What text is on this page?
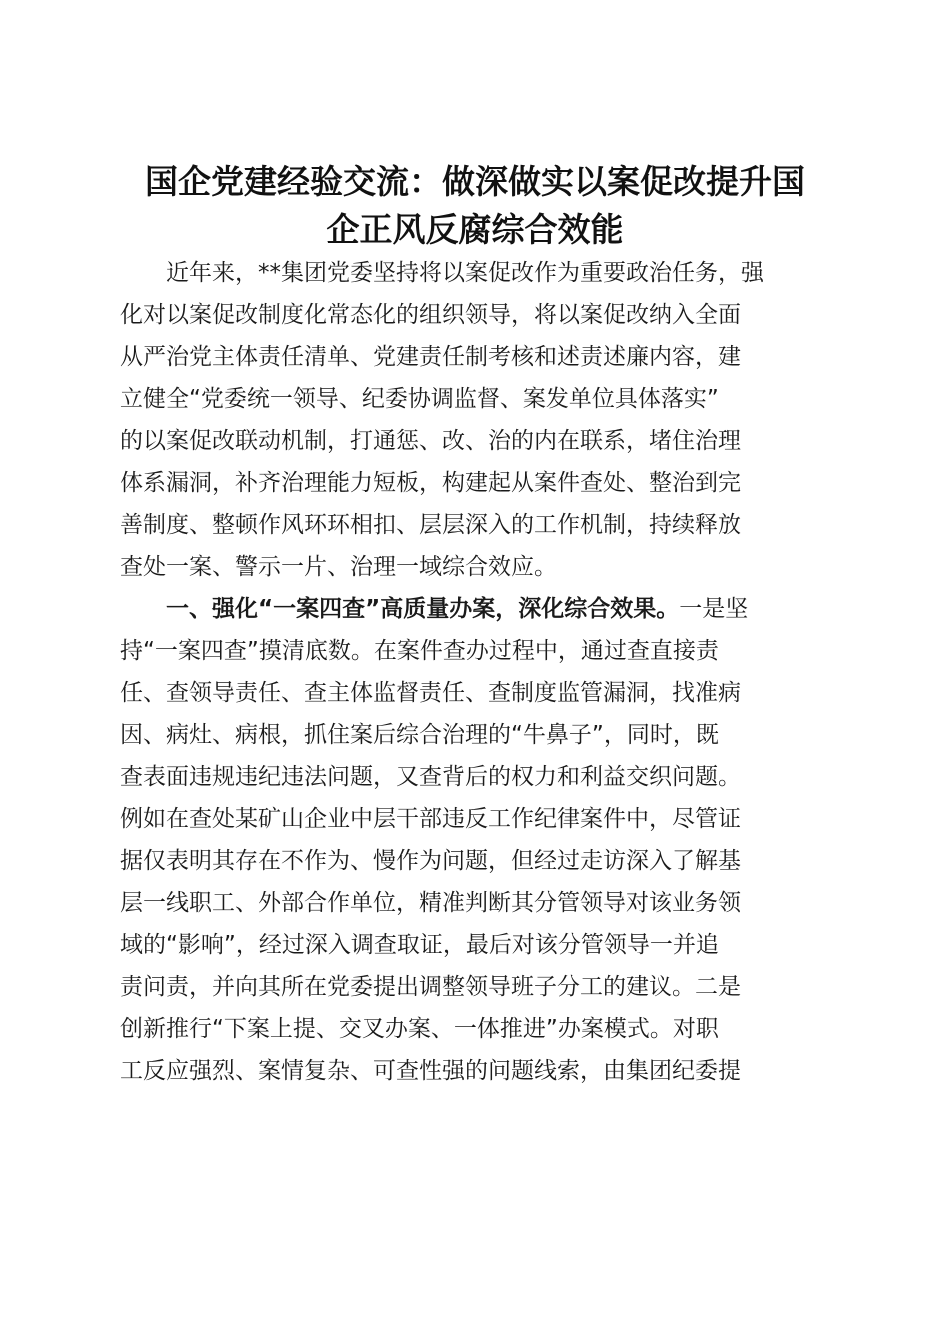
国企党建经验交流：做深做实以案促改提升国
企正风反腐综合效能

　　近年来，**集团党委坚持将以案促改作为重要政治任务，强
化对以案促改制度化常态化的组织领导，将以案促改纳入全面
从严治党主体责任清单、党建责任制考核和述责述廉内容，建
立健全“党委统一领导、纪委协调监督、案发单位具体落实”
的以案促改联动机制，打通惩、改、治的内在联系，堵住治理
体系漏洞，补齐治理能力短板，构建起从案件查处、整治到完
善制度、整顿作风环环相扣、层层深入的工作机制，持续释放
查处一案、警示一片、治理一域综合效应。

　　一、强化“一案四查”高质量办案，深化综合效果。一是坚
持“一案四查”摸清底数。在案件查办过程中，通过查直接责
任、查领导责任、查主体监督责任、查制度监管漏洞，找准病
因、病灶、病根，抓住案后综合治理的“牛鼻子”，同时，既
查表面违规违纪违法问题，又查背后的权力和利益交织问题。
例如在查处某矿山企业中层干部违反工作纪律案件中，尽管证
据仅表明其存在不作为、慢作为问题，但经过走访深入了解基
层一线职工、外部合作单位，精准判断其分管领导对该业务领
域的“影响”，经过深入调查取证，最后对该分管领导一并追
责问责，并向其所在党委提出调整领导班子分工的建议。二是
创新推行“下案上提、交叉办案、一体推进”办案模式。对职
工反应强烈、案情复杂、可查性强的问题线索，由集团纪委提
